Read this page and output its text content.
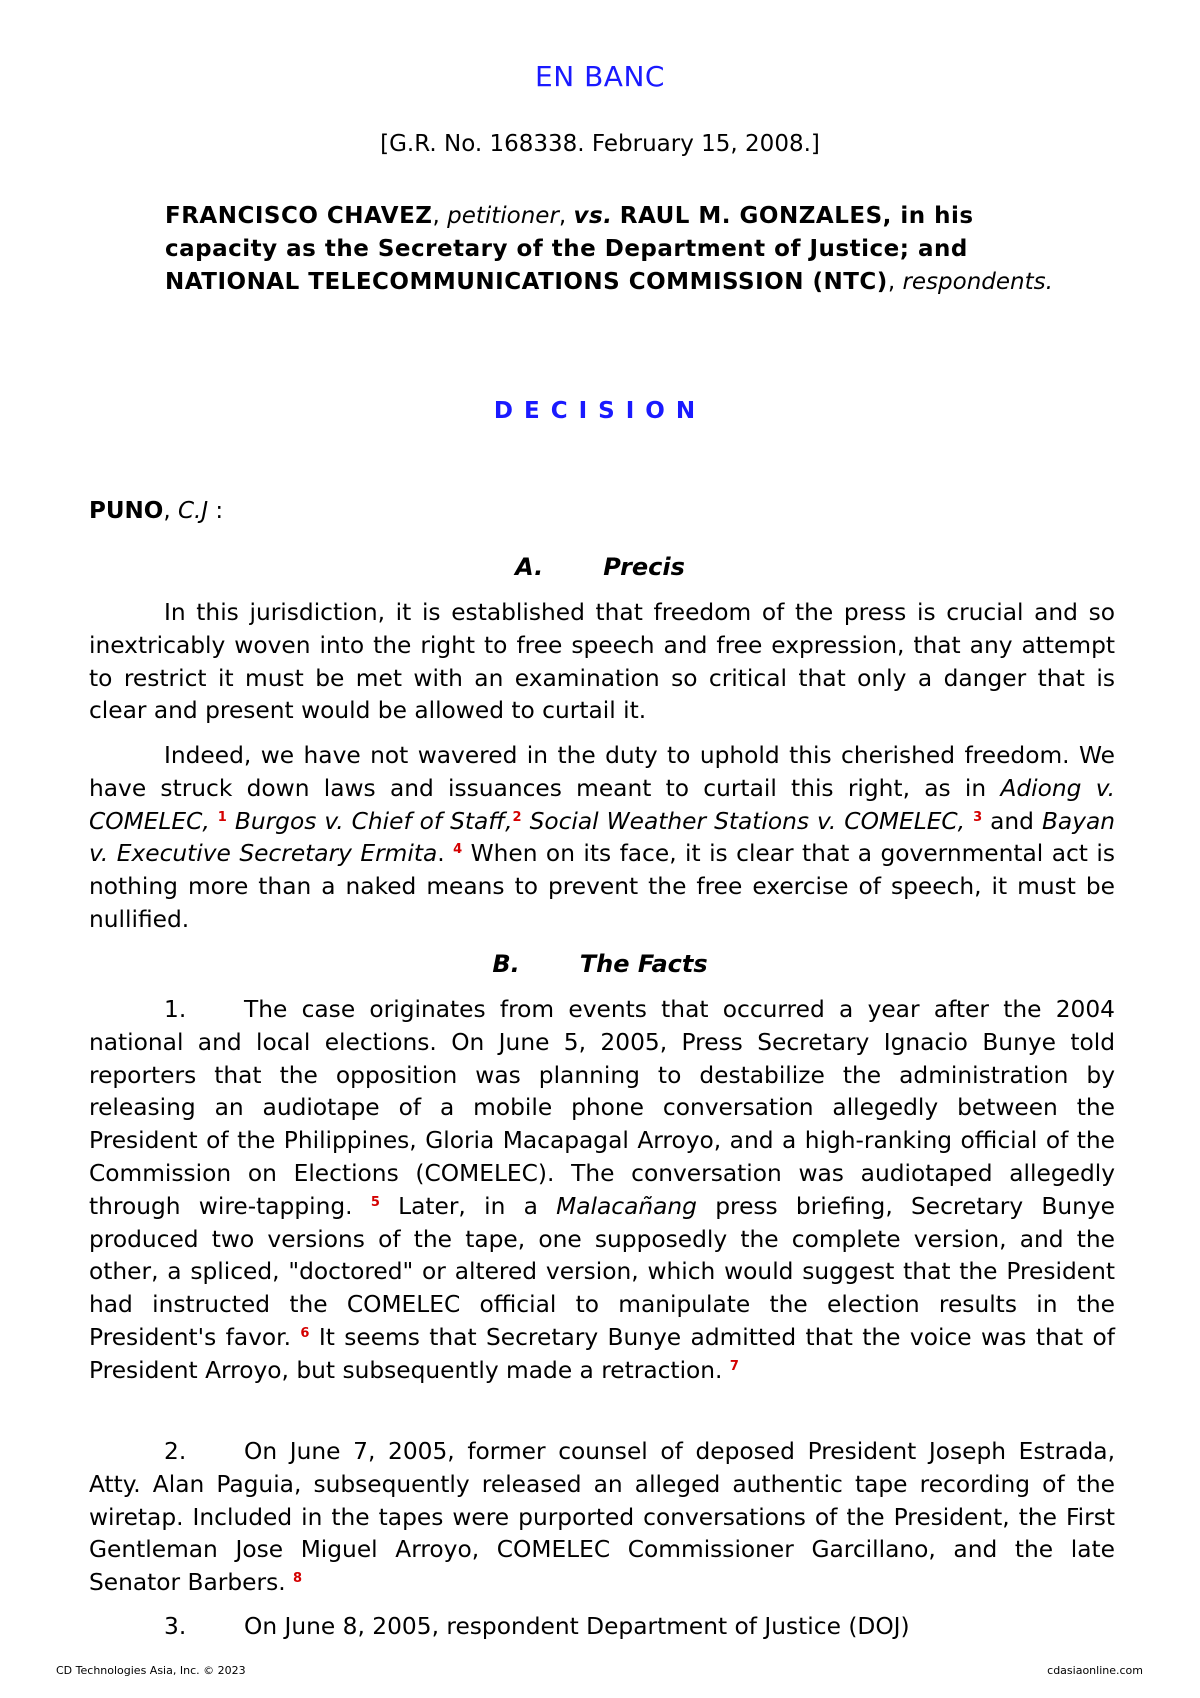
EN BANC
[G.R. No. 168338. February 15, 2008.]
FRANCISCO CHAVEZ, petitioner, vs. RAUL M. GONZALES, in his capacity as the Secretary of the Department of Justice; and NATIONAL TELECOMMUNICATIONS COMMISSION (NTC), respondents.
DECISION
PUNO, C.J :
A.	Precis
In this jurisdiction, it is established that freedom of the press is crucial and so inextricably woven into the right to free speech and free expression, that any attempt to restrict it must be met with an examination so critical that only a danger that is clear and present would be allowed to curtail it.
Indeed, we have not wavered in the duty to uphold this cherished freedom. We have struck down laws and issuances meant to curtail this right, as in Adiong v. COMELEC, $^1$ Burgos v. Chief of Staff,$^2$ Social Weather Stations v. COMELEC, $^3$ and Bayan v. Executive Secretary Ermita. $^4$ When on its face, it is clear that a governmental act is nothing more than a naked means to prevent the free exercise of speech, it must be nullified.
B.	The Facts
1. The case originates from events that occurred a year after the 2004 national and local elections. On June 5, 2005, Press Secretary Ignacio Bunye told reporters that the opposition was planning to destabilize the administration by releasing an audiotape of a mobile phone conversation allegedly between the President of the Philippines, Gloria Macapagal Arroyo, and a high-ranking official of the Commission on Elections (COMELEC). The conversation was audiotaped allegedly through wire-tapping. $^5$ Later, in a Malacañang press briefing, Secretary Bunye produced two versions of the tape, one supposedly the complete version, and the other, a spliced, "doctored" or altered version, which would suggest that the President had instructed the COMELEC official to manipulate the election results in the President's favor. $^6$ It seems that Secretary Bunye admitted that the voice was that of President Arroyo, but subsequently made a retraction. $^7$
2. On June 7, 2005, former counsel of deposed President Joseph Estrada, Atty. Alan Paguia, subsequently released an alleged authentic tape recording of the wiretap. Included in the tapes were purported conversations of the President, the First Gentleman Jose Miguel Arroyo, COMELEC Commissioner Garcillano, and the late Senator Barbers. $^8$
3. On June 8, 2005, respondent Department of Justice (DOJ)
CD Technologies Asia, Inc. © 2023	cdasiaonline.com
